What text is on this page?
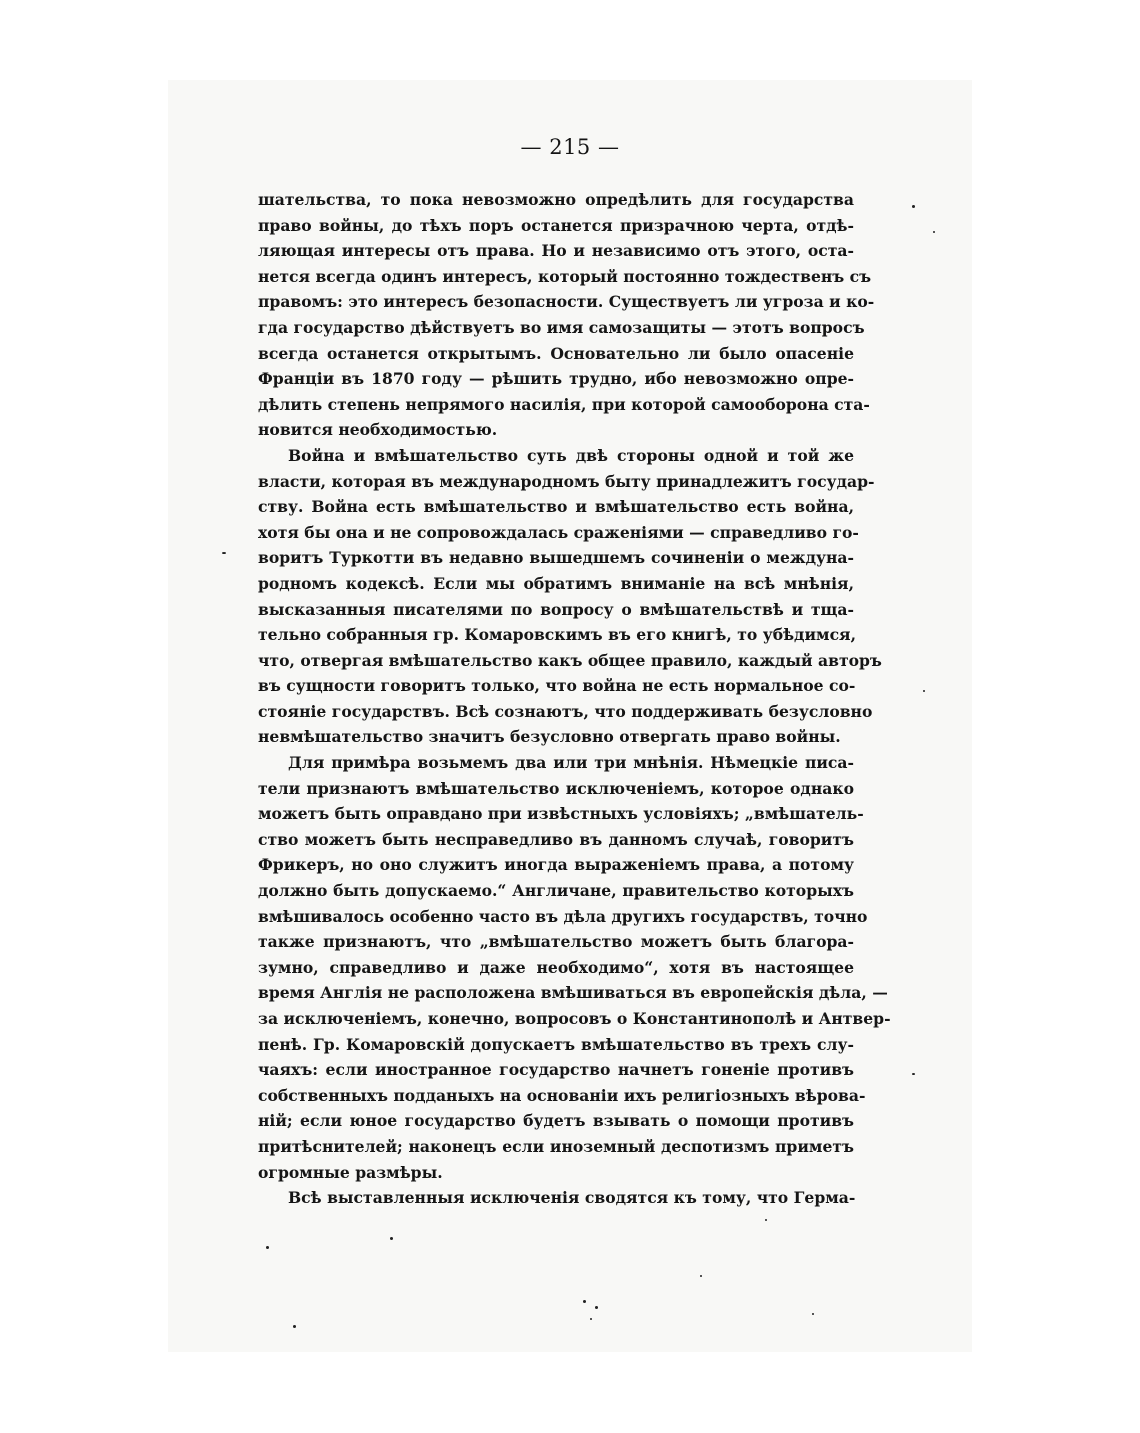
— 215 —
шательства, то пока невозможно опредѣлить для государства
право войны, до тѣхъ поръ останется призрачною черта, отдѣ-
ляющая интересы отъ права. Но и независимо отъ этого, оста-
нется всегда одинъ интересъ, который постоянно тождественъ съ
правомъ: это интересъ безопасности. Существуетъ ли угроза и ко-
гда государство дѣйствуетъ во имя самозащиты — этотъ вопросъ
всегда останется открытымъ. Основательно ли было опасеніе
Франціи въ 1870 году — рѣшить трудно, ибо невозможно опре-
дѣлить степень непрямого насилія, при которой самооборона ста-
новится необходимостью.
Война и вмѣшательство суть двѣ стороны одной и той же
власти, которая въ международномъ быту принадлежитъ государ-
ству. Война есть вмѣшательство и вмѣшательство есть война,
хотя бы она и не сопровождалась сраженіями — справедливо го-
воритъ Туркотти въ недавно вышедшемъ сочиненіи о междуна-
родномъ кодексѣ. Если мы обратимъ вниманіе на всѣ мнѣнія,
высказанныя писателями по вопросу о вмѣшательствѣ и тща-
тельно собранныя гр. Комаровскимъ въ его книгѣ, то убѣдимся,
что, отвергая вмѣшательство какъ общее правило, каждый авторъ
въ сущности говоритъ только, что война не есть нормальное со-
стояніе государствъ. Всѣ сознаютъ, что поддерживать безусловно
невмѣшательство значитъ безусловно отвергать право войны.
Для примѣра возьмемъ два или три мнѣнія. Нѣмецкіе писа-
тели признаютъ вмѣшательство исключеніемъ, которое однако
можетъ быть оправдано при извѣстныхъ условіяхъ; „вмѣшатель-
ство можетъ быть несправедливо въ данномъ случаѣ, говоритъ
Фрикеръ, но оно служитъ иногда выраженіемъ права, а потому
должно быть допускаемо.“ Англичане, правительство которыхъ
вмѣшивалось особенно часто въ дѣла другихъ государствъ, точно
также признаютъ, что „вмѣшательство можетъ быть благора-
зумно, справедливо и даже необходимо“, хотя въ настоящее
время Англія не расположена вмѣшиваться въ европейскія дѣла, —
за исключеніемъ, конечно, вопросовъ о Константинополѣ и Антвер-
пенѣ. Гр. Комаровскій допускаетъ вмѣшательство въ трехъ слу-
чаяхъ: если иностранное государство начнетъ гоненіе противъ
собственныхъ подданыхъ на основаніи ихъ религіозныхъ вѣрова-
ній; если юное государство будетъ взывать о помощи противъ
притѣснителей; наконецъ если иноземный деспотизмъ приметъ
огромные размѣры.
Всѣ выставленныя исключенія сводятся къ тому, что Герма-
